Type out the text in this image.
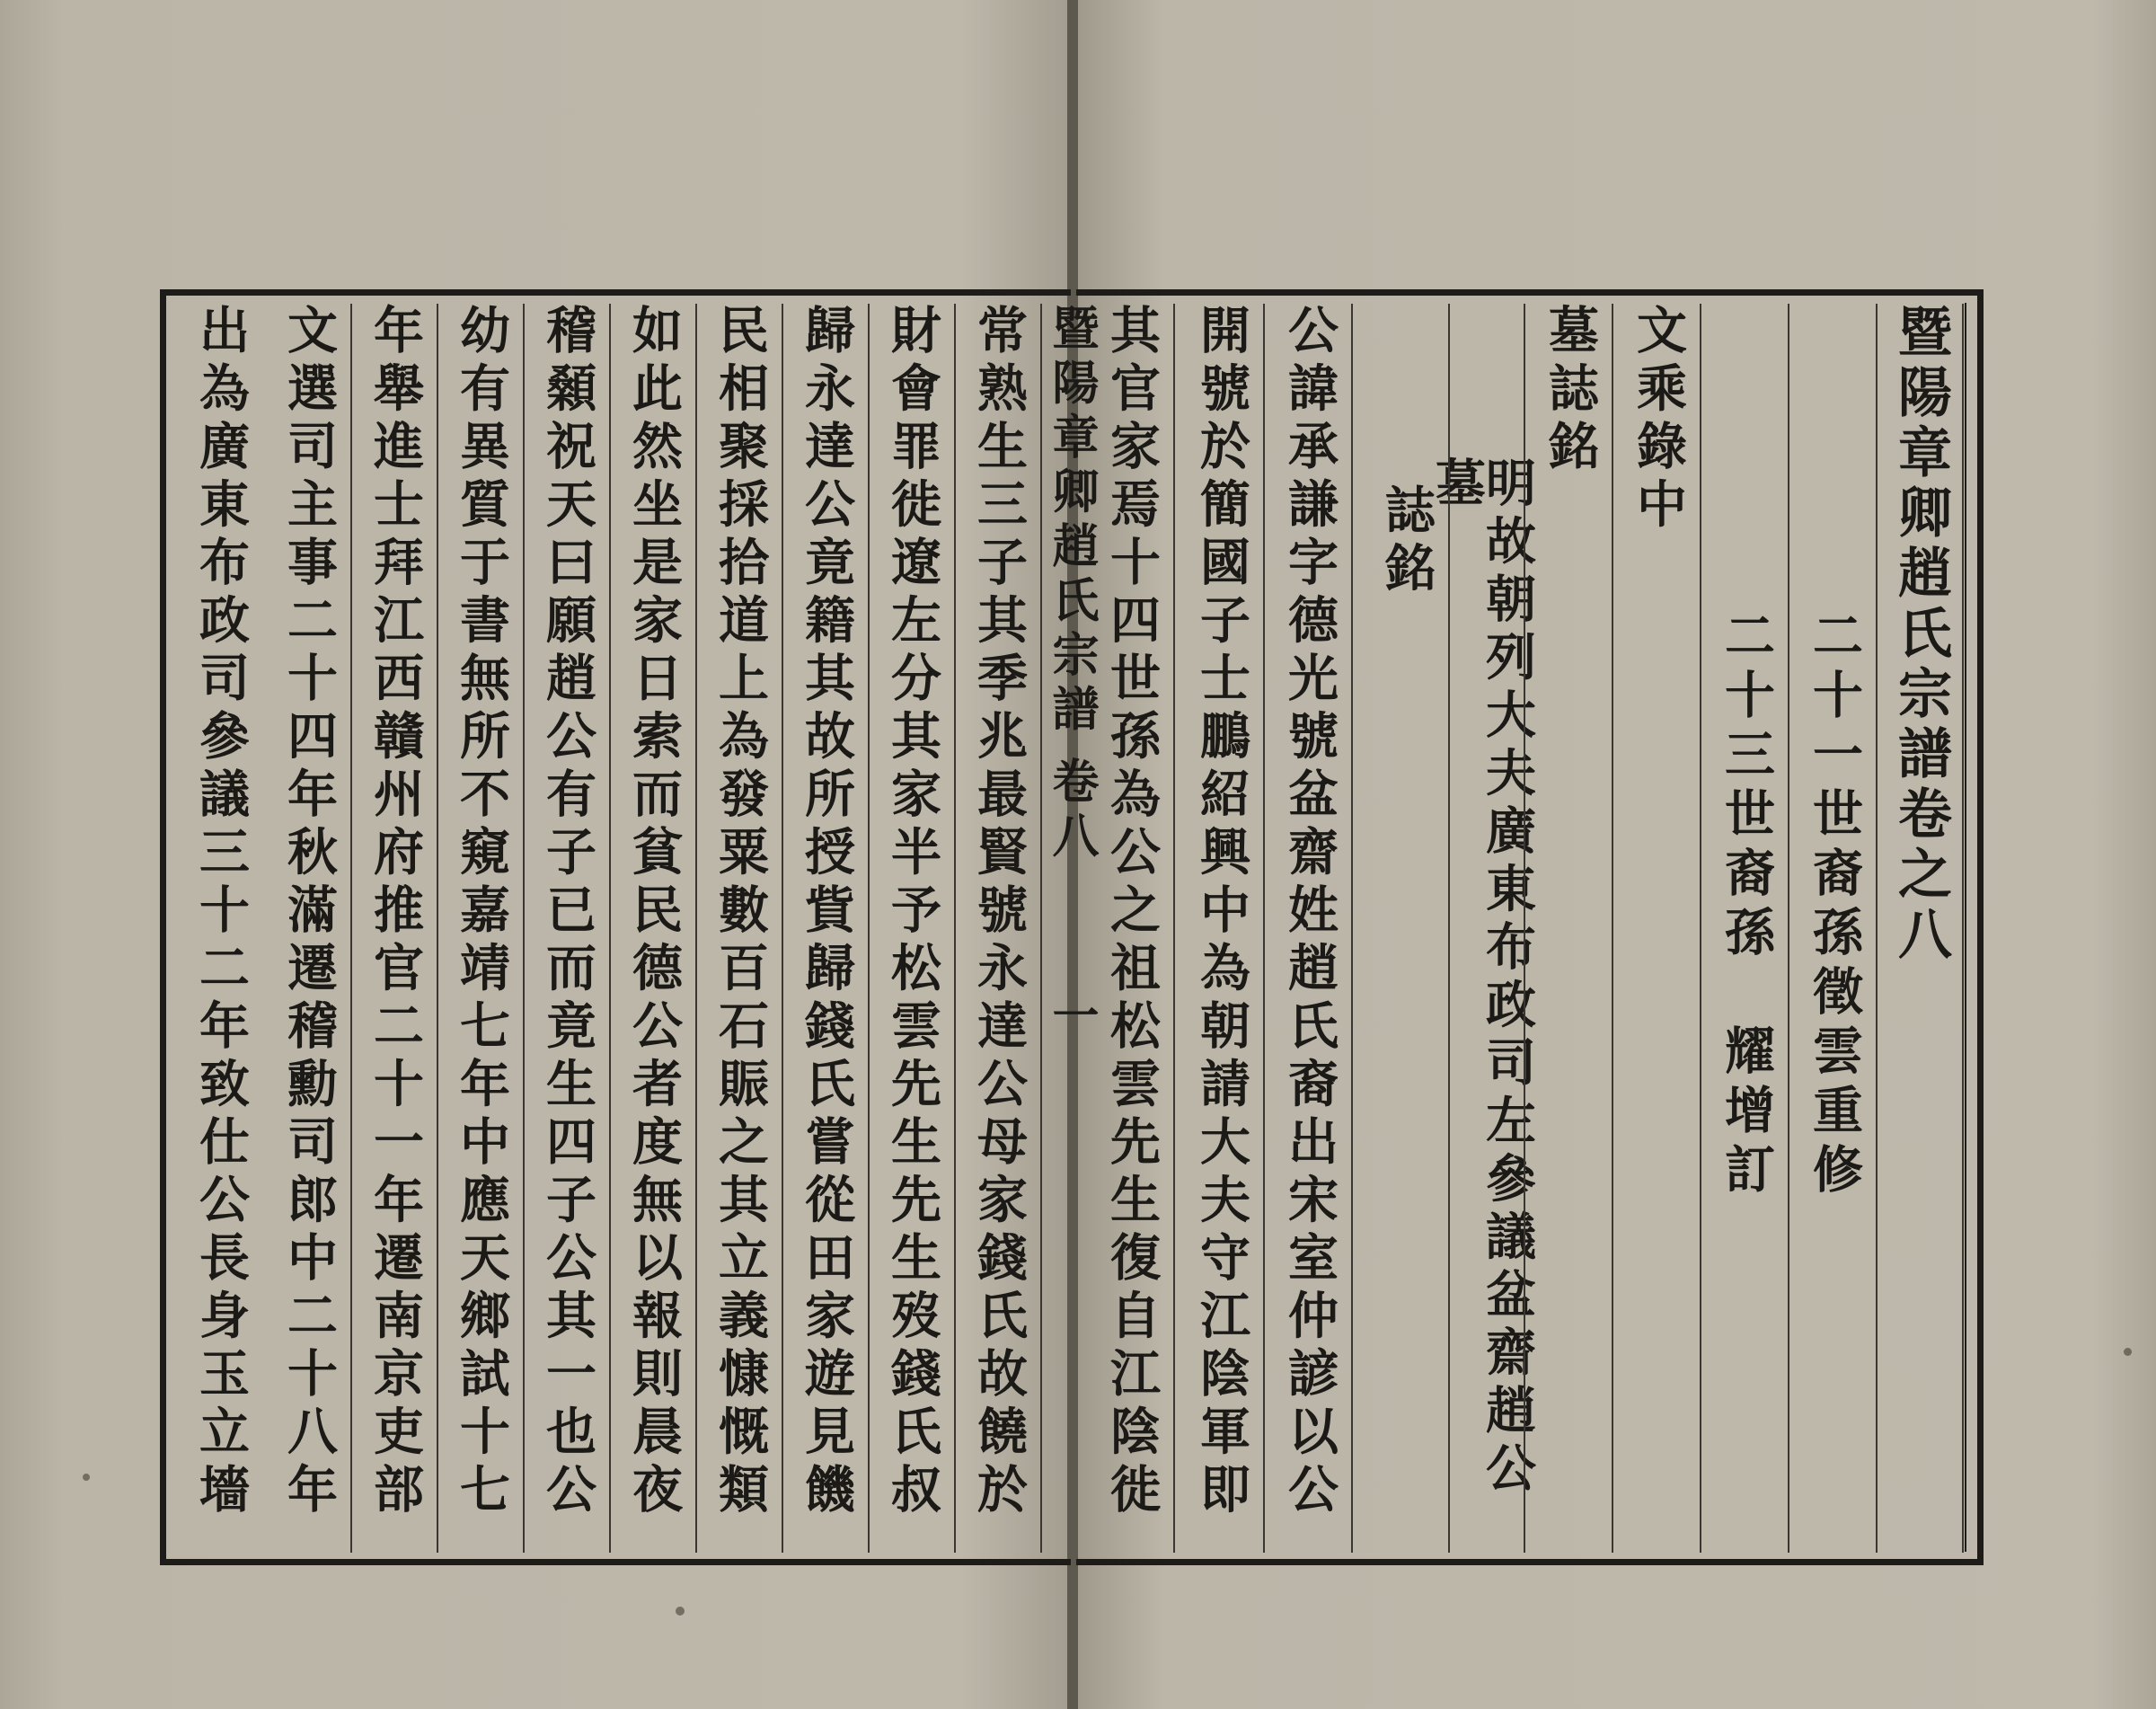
暨陽章卿趙氏宗譜卷之八
二十一世裔孫徵雲重修
二十三世裔孫　耀增訂
文乘錄中
墓誌銘
明故朝列大夫廣東布政司左參議盆齋趙公墓
誌銘
公諱承謙字德光號盆齋姓趙氏裔出宋室仲諺以公
開號於簡國子士鵬紹興中為朝請大夫守江陰軍即
其官家焉十四世孫為公之祖松雲先生復自江陰徙
暨陽章卿趙氏宗譜
卷八
一
常熟生三子其季兆最賢號永達公母家錢氏故饒於
財會罪徙遼左分其家半予松雲先生先生歿錢氏叔
歸永達公竟籍其故所授貲歸錢氏嘗從田家遊見饑
民相聚採拾道上為發粟數百石賑之其立義慷慨類
如此然坐是家日索而貧民德公者度無以報則晨夜
稽顙祝天曰願趙公有子已而竟生四子公其一也公
幼有異質于書無所不窺嘉靖七年中應天鄉試十七
年舉進士拜江西贛州府推官二十一年遷南京吏部
文選司主事二十四年秋滿遷稽勳司郎中二十八年
出為廣東布政司參議三十二年致仕公長身玉立墻
